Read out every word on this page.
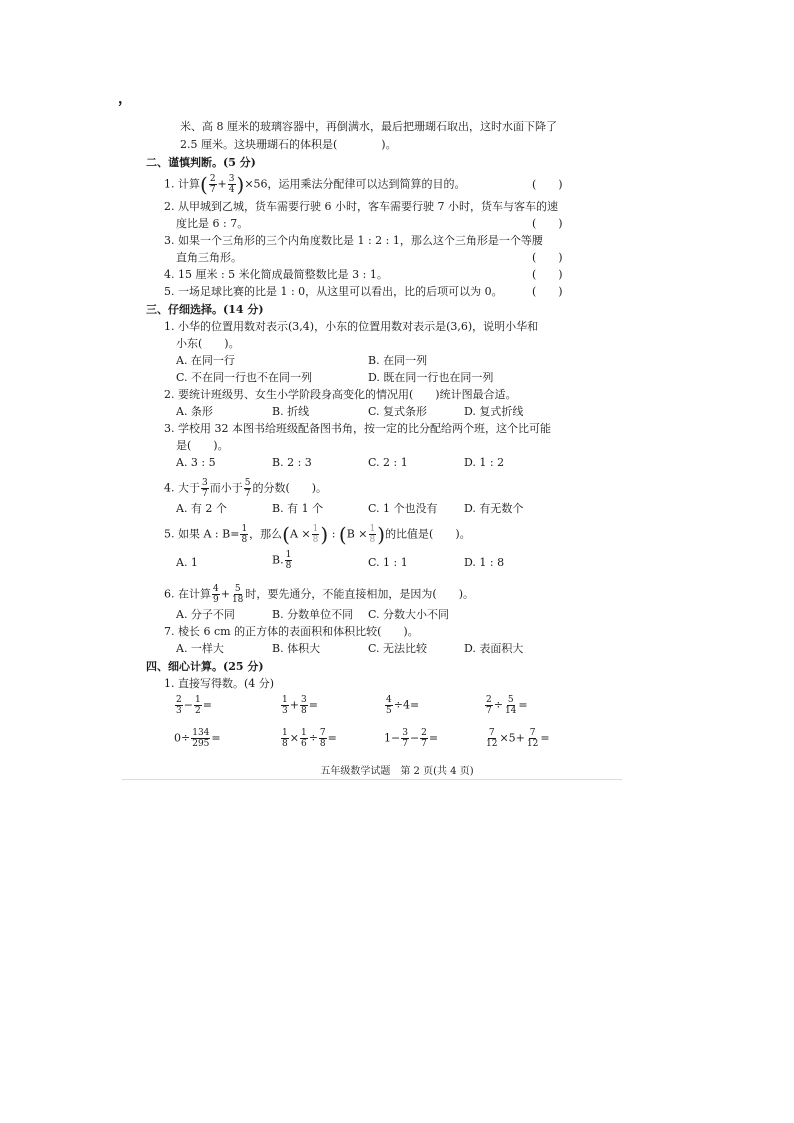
，
米、高 8 厘米的玻璃容器中，再倒满水，最后把珊瑚石取出，这时水面下降了
2.5 厘米。这块珊瑚石的体积是(　　　　)。
二、谨慎判断。(5 分)
1. 计算( $\frac{2}{7} + \frac{3}{4} )\times 56$，运用乘法分配律可以达到简算的目的。	(　　)
2. 从甲城到乙城，货车需要行驶 6 小时，客车需要行驶 7 小时，货车与客车的速
度比是 6 : 7。	(　　)
3. 如果一个三角形的三个内角度数比是 1 : 2 : 1，那么这个三角形是一个等腰
直角三角形。	(　　)
4. 15 厘米 : 5 米化简成最简整数比是 3 : 1。	(　　)
5. 一场足球比赛的比是 1 : 0，从这里可以看出，比的后项可以为 0。	(　　)
三、仔细选择。(14 分)
1. 小华的位置用数对表示(3,4)，小东的位置用数对表示是(3,6)，说明小华和
小东(　　)。
A. 在同一行	B. 在同一列
C. 不在同一行也不在同一列	D. 既在同一行也在同一列
2. 要统计班级男、女生小学阶段身高变化的情况用(　　)统计图最合适。
A. 条形	B. 折线	C. 复式条形	D. 复式折线
3. 学校用 32 本图书给班级配备图书角，按一定的比分配给两个班，这个比可能
是(　　)。
A. 3 : 5	B. 2 : 3	C. 2 : 1	D. 1 : 2
4. 大于 $\frac{3}{7}$ 而小于 $\frac{5}{7}$ 的分数(　　)。
A. 有 2 个	B. 有 1 个	C. 1 个也没有 D. 有无数个
5. 如果 A : $B= \frac{1}{8}$ ，那么($A \times \frac{1}{8}$ ) : ($B \times \frac{1}{8}$ )的比值是(　　)。
A. 1	B. $\frac{1}{8}$	C. 1 : 1	D. 1 : 8
6. 在计算 $\frac{4}{9} + \frac{5}{18}$ 时，要先通分，不能直接相加，是因为(　　)。
A. 分子不同	B. 分数单位不同 C. 分数大小不同
7. 棱长 6 cm 的正方体的表面积和体积比较(　　)。
A. 一样大	B. 体积大	C. 无法比较	D. 表面积大
四、细心计算。(25 分)
1. 直接写得数。(4 分)
$\frac{2}{3} - \frac{1}{2}$ =	$\frac{1}{3} + \frac{3}{8}$ =	$\frac{4}{5} \div 4=$	$\frac{2}{7} \div \frac{5}{14}$ =
$0\div \frac{134}{295}$ =	$\frac{1}{8} \times \frac{1}{6} \div \frac{7}{8}$ =	$1- \frac{3}{7} - \frac{2}{7}$ =	$\frac{7}{12} \times 5+ \frac{7}{12}$ =
五年级数学试题　第 2 页(共 4 页)
